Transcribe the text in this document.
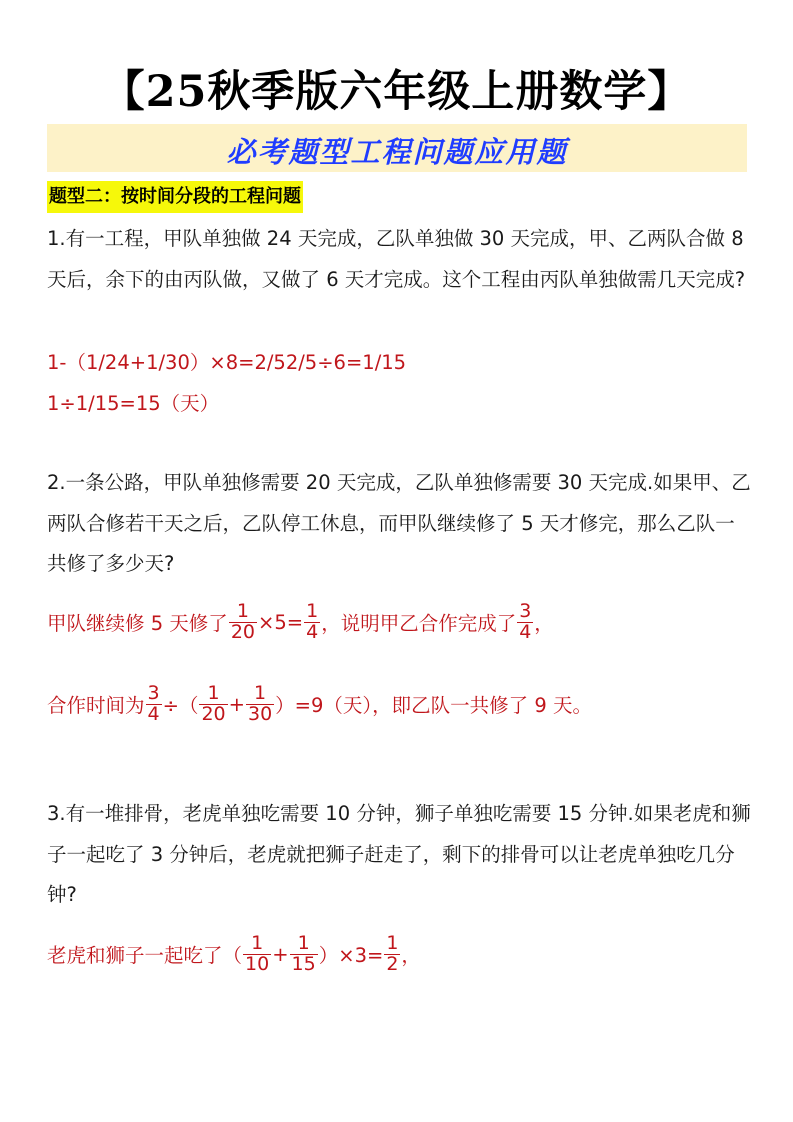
【25秋季版六年级上册数学】
必考题型工程问题应用题
题型二：按时间分段的工程问题
1.有一工程，甲队单独做 24 天完成，乙队单独做 30 天完成，甲、乙两队合做 8 天后，余下的由丙队做，又做了 6 天才完成。这个工程由丙队单独做需几天完成?
1-（1/24+1/30）×8=2/52/5÷6=1/15
1÷1/15=15（天）
2.一条公路，甲队单独修需要 20 天完成，乙队单独修需要 30 天完成.如果甲、乙两队合修若干天之后，乙队停工休息，而甲队继续修了 5 天才修完，那么乙队一共修了多少天?
甲队继续修 5 天修了 $\frac{1}{20} \times 5= \frac{1}{4}$ ，说明甲乙合作完成了 $\frac{3}{4}$ ，
合作时间为 $\frac{3}{4}$ ÷（ $\frac{1}{20} + \frac{1}{30} )=9$（天），即乙队一共修了 9 天。
3.有一堆排骨，老虎单独吃需要 10 分钟，狮子单独吃需要 15 分钟.如果老虎和狮子一起吃了 3 分钟后，老虎就把狮子赶走了，剩下的排骨可以让老虎单独吃几分钟?
老虎和狮子一起吃了（ $\frac{1}{10} + \frac{1}{15} )\times 3= \frac{1}{2}$ ，
